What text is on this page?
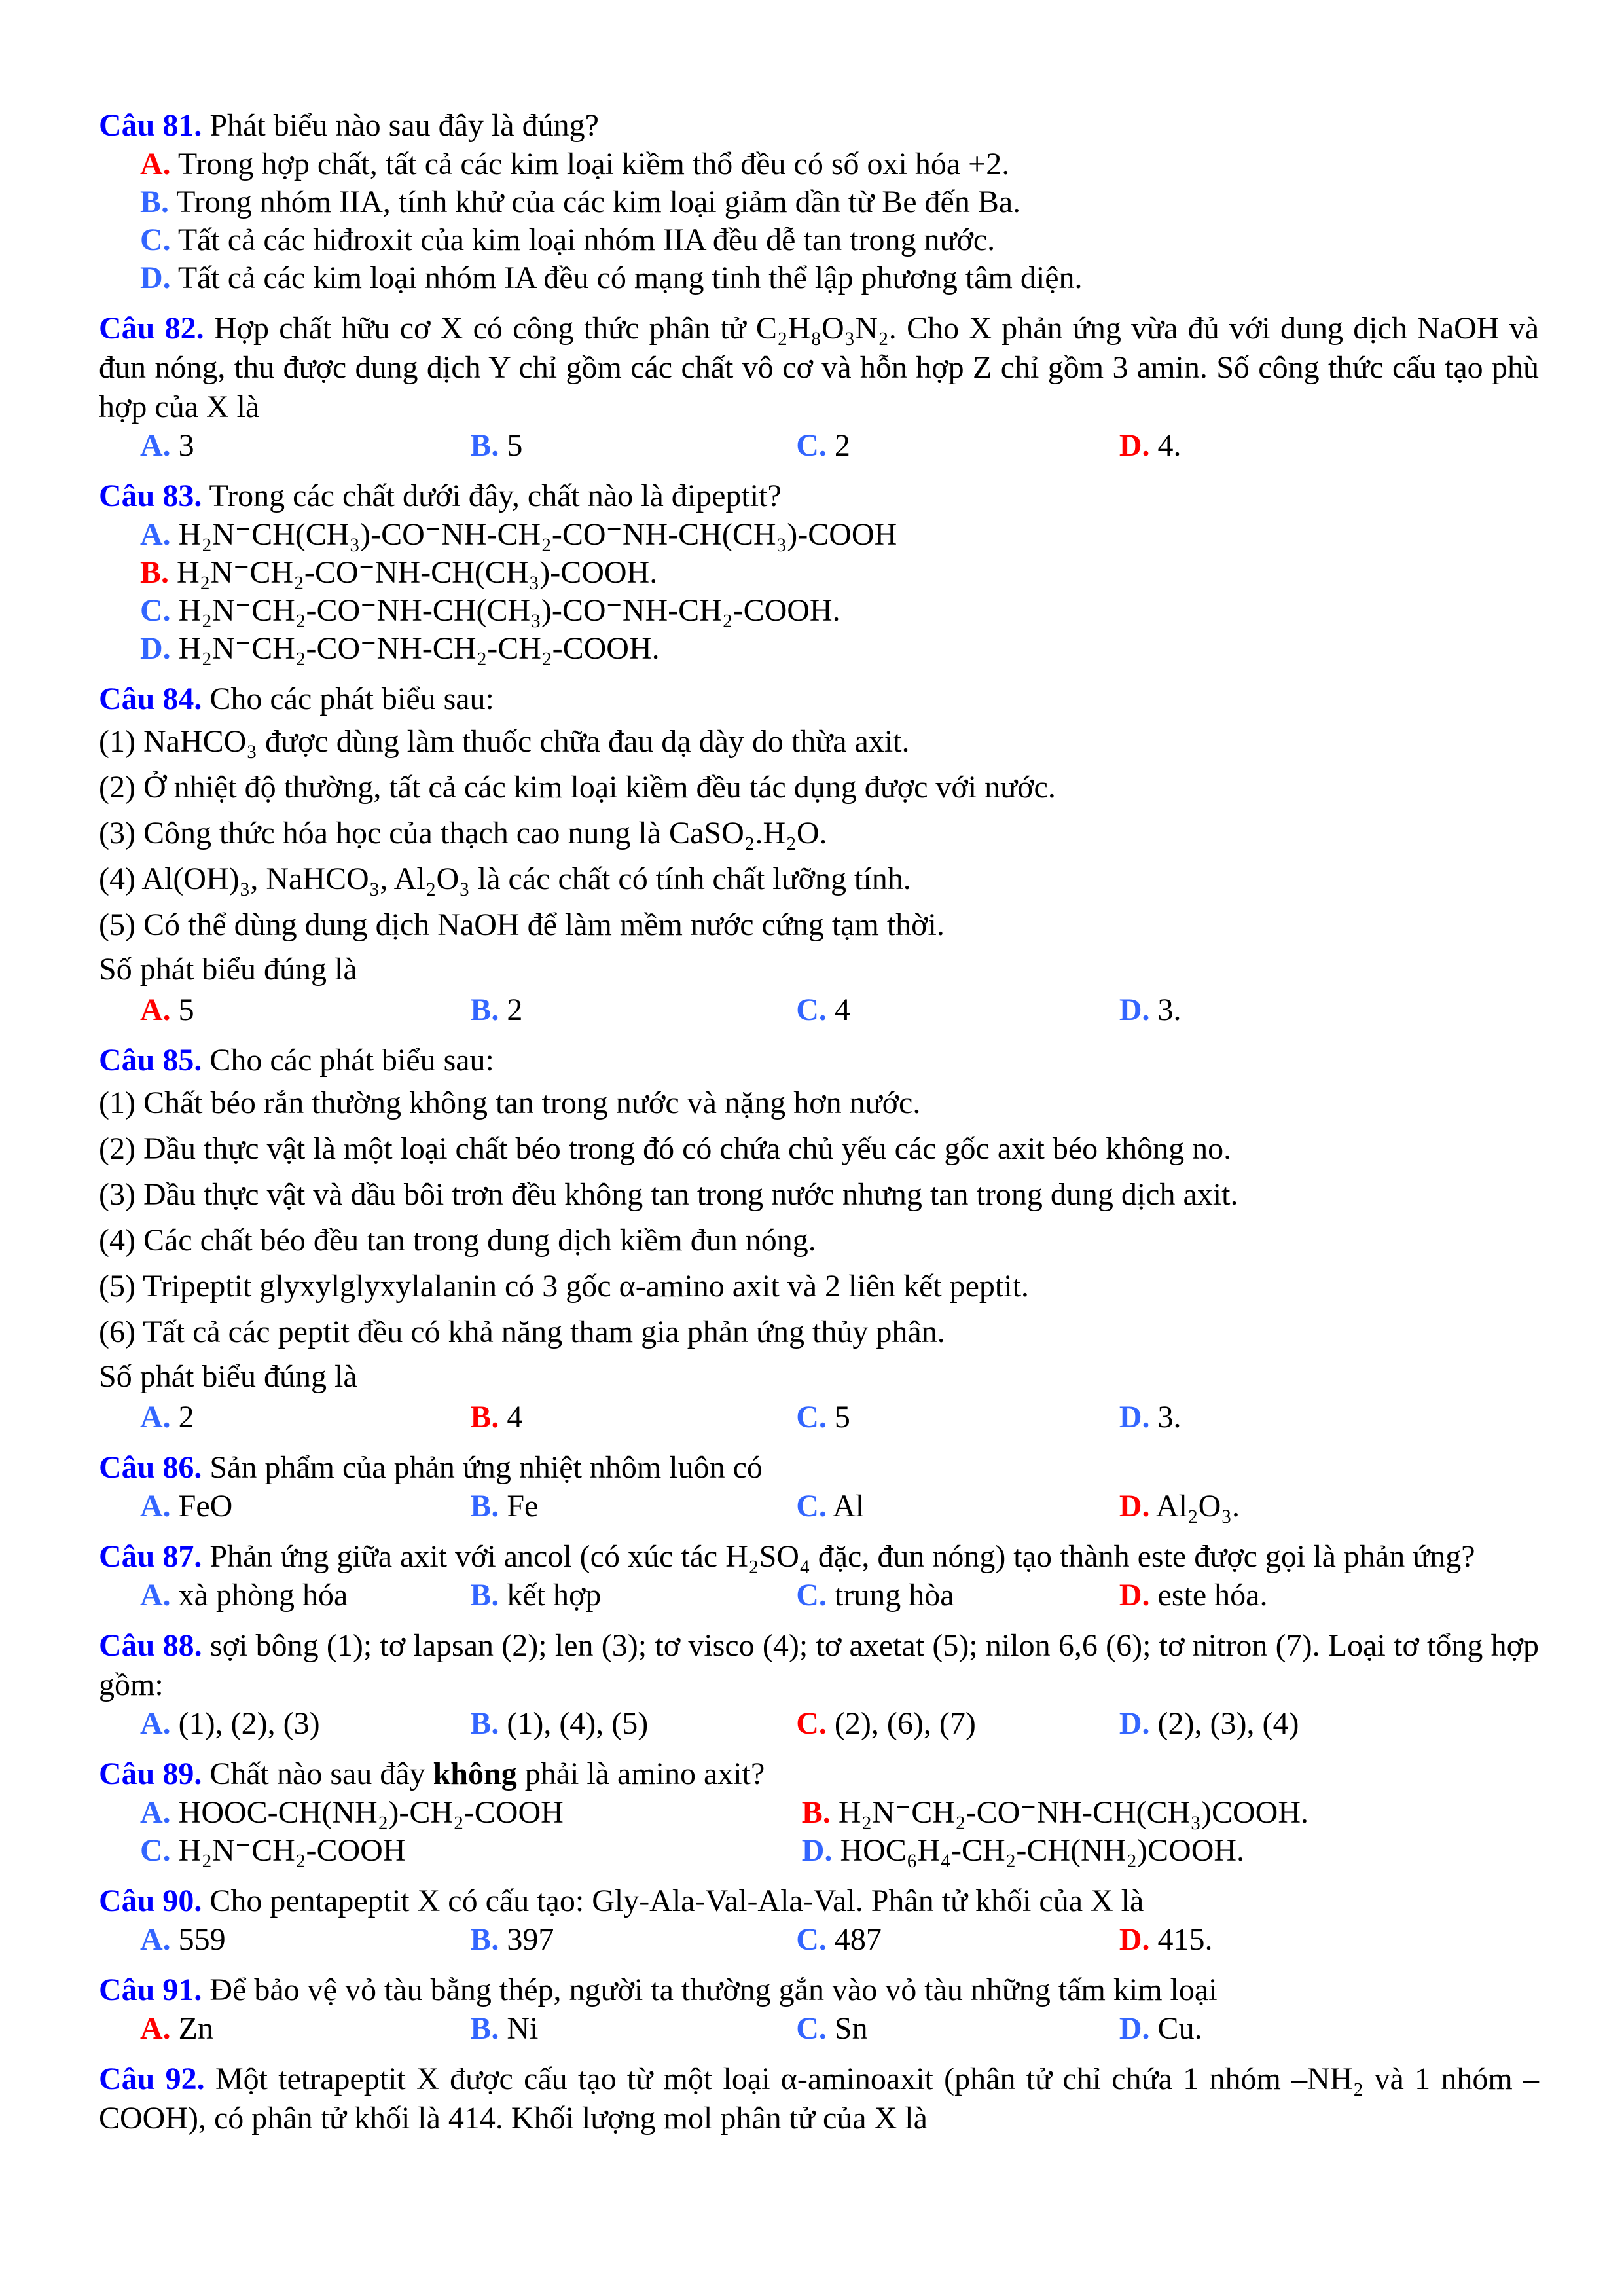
Câu 81. Phát biểu nào sau đây là đúng?
A. Trong hợp chất, tất cả các kim loại kiềm thổ đều có số oxi hóa +2.
B. Trong nhóm IIA, tính khử của các kim loại giảm dần từ Be đến Ba.
C. Tất cả các hiđroxit của kim loại nhóm IIA đều dễ tan trong nước.
D. Tất cả các kim loại nhóm IA đều có mạng tinh thể lập phương tâm diện.
Câu 82. Hợp chất hữu cơ X có công thức phân tử C₂H₈O₃N₂. Cho X phản ứng vừa đủ với dung dịch NaOH và đun nóng, thu được dung dịch Y chỉ gồm các chất vô cơ và hỗn hợp Z chỉ gồm 3 amin. Số công thức cấu tạo phù hợp của X là
A. 3	B. 5	C. 2	D. 4.
Câu 83. Trong các chất dưới đây, chất nào là đipeptit?
A. H₂N⁻CH(CH₃)-CO⁻NH-CH₂-CO⁻NH-CH(CH₃)-COOH
B. H₂N⁻CH₂-CO⁻NH-CH(CH₃)-COOH.
C. H₂N⁻CH₂-CO⁻NH-CH(CH₃)-CO⁻NH-CH₂-COOH.
D. H₂N⁻CH₂-CO⁻NH-CH₂-CH₂-COOH.
Câu 84. Cho các phát biểu sau:
(1) NaHCO₃ được dùng làm thuốc chữa đau dạ dày do thừa axit.
(2) Ở nhiệt độ thường, tất cả các kim loại kiềm đều tác dụng được với nước.
(3) Công thức hóa học của thạch cao nung là CaSO₂.H₂O.
(4) Al(OH)₃, NaHCO₃, Al₂O₃ là các chất có tính chất lưỡng tính.
(5) Có thể dùng dung dịch NaOH để làm mềm nước cứng tạm thời.
Số phát biểu đúng là
A. 5	B. 2	C. 4	D. 3.
Câu 85. Cho các phát biểu sau:
(1) Chất béo rắn thường không tan trong nước và nặng hơn nước.
(2) Dầu thực vật là một loại chất béo trong đó có chứa chủ yếu các gốc axit béo không no.
(3) Dầu thực vật và dầu bôi trơn đều không tan trong nước nhưng tan trong dung dịch axit.
(4) Các chất béo đều tan trong dung dịch kiềm đun nóng.
(5) Tripeptit glyxylglyxylalanin có 3 gốc α-amino axit và 2 liên kết peptit.
(6) Tất cả các peptit đều có khả năng tham gia phản ứng thủy phân.
Số phát biểu đúng là
A. 2	B. 4	C. 5	D. 3.
Câu 86. Sản phẩm của phản ứng nhiệt nhôm luôn có
A. FeO	B. Fe	C. Al	D. Al₂O₃.
Câu 87. Phản ứng giữa axit với ancol (có xúc tác H₂SO₄ đặc, đun nóng) tạo thành este được gọi là phản ứng?
A. xà phòng hóa	B. kết hợp	C. trung hòa	D. este hóa.
Câu 88. sợi bông (1); tơ lapsan (2); len (3); tơ visco (4); tơ axetat (5); nilon 6,6 (6); tơ nitron (7). Loại tơ tổng hợp gồm:
A. (1), (2), (3)	B. (1), (4), (5)	C. (2), (6), (7)	D. (2), (3), (4)
Câu 89. Chất nào sau đây không phải là amino axit?
A. HOOC-CH(NH₂)-CH₂-COOH	B. H₂N⁻CH₂-CO⁻NH-CH(CH₃)COOH.
C. H₂N⁻CH₂-COOH	D. HOC₆H₄-CH₂-CH(NH₂)COOH.
Câu 90. Cho pentapeptit X có cấu tạo: Gly-Ala-Val-Ala-Val. Phân tử khối của X là
A. 559	B. 397	C. 487	D. 415.
Câu 91. Để bảo vệ vỏ tàu bằng thép, người ta thường gắn vào vỏ tàu những tấm kim loại
A. Zn	B. Ni	C. Sn	D. Cu.
Câu 92. Một tetrapeptit X được cấu tạo từ một loại α-aminoaxit (phân tử chỉ chứa 1 nhóm –NH₂ và 1 nhóm – COOH), có phân tử khối là 414. Khối lượng mol phân tử của X là
